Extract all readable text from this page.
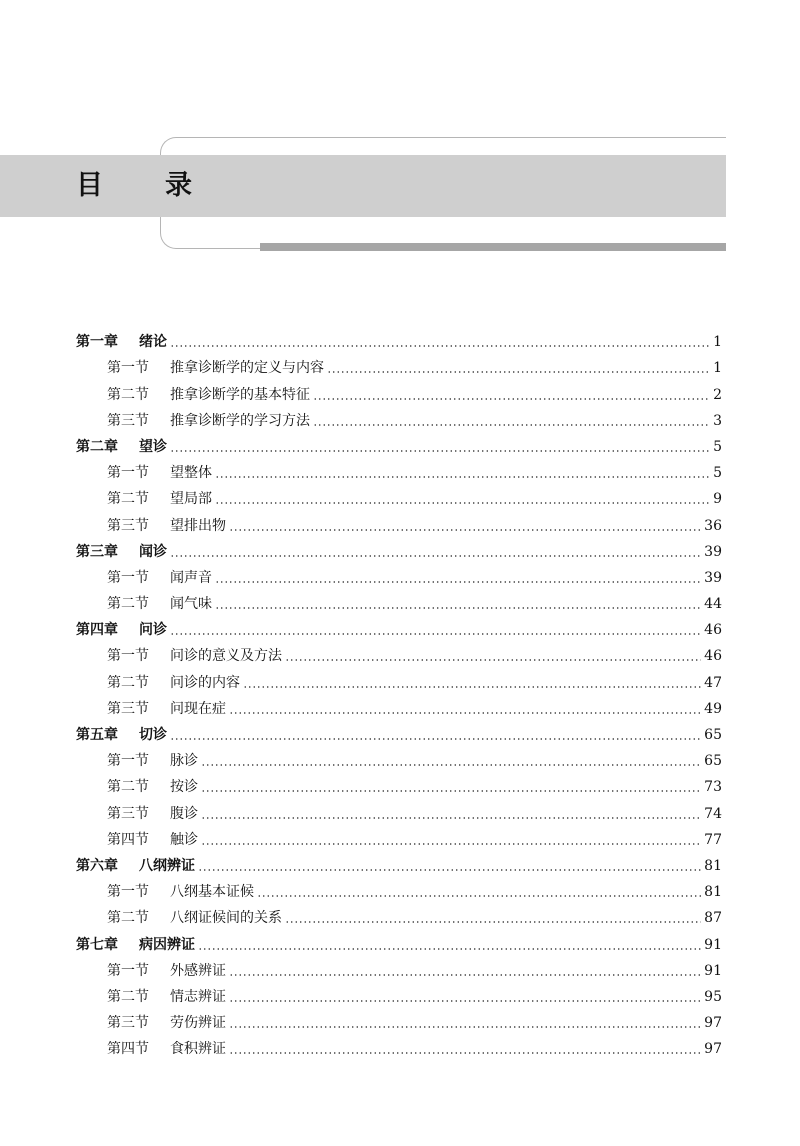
目 录
第一章	绪论	1
第一节	推拿诊断学的定义与内容	1
第二节	推拿诊断学的基本特征	2
第三节	推拿诊断学的学习方法	3
第二章	望诊	5
第一节	望整体	5
第二节	望局部	9
第三节	望排出物	36
第三章	闻诊	39
第一节	闻声音	39
第二节	闻气味	44
第四章	问诊	46
第一节	问诊的意义及方法	46
第二节	问诊的内容	47
第三节	问现在症	49
第五章	切诊	65
第一节	脉诊	65
第二节	按诊	73
第三节	腹诊	74
第四节	触诊	77
第六章	八纲辨证	81
第一节	八纲基本证候	81
第二节	八纲证候间的关系	87
第七章	病因辨证	91
第一节	外感辨证	91
第二节	情志辨证	95
第三节	劳伤辨证	97
第四节	食积辨证	97
